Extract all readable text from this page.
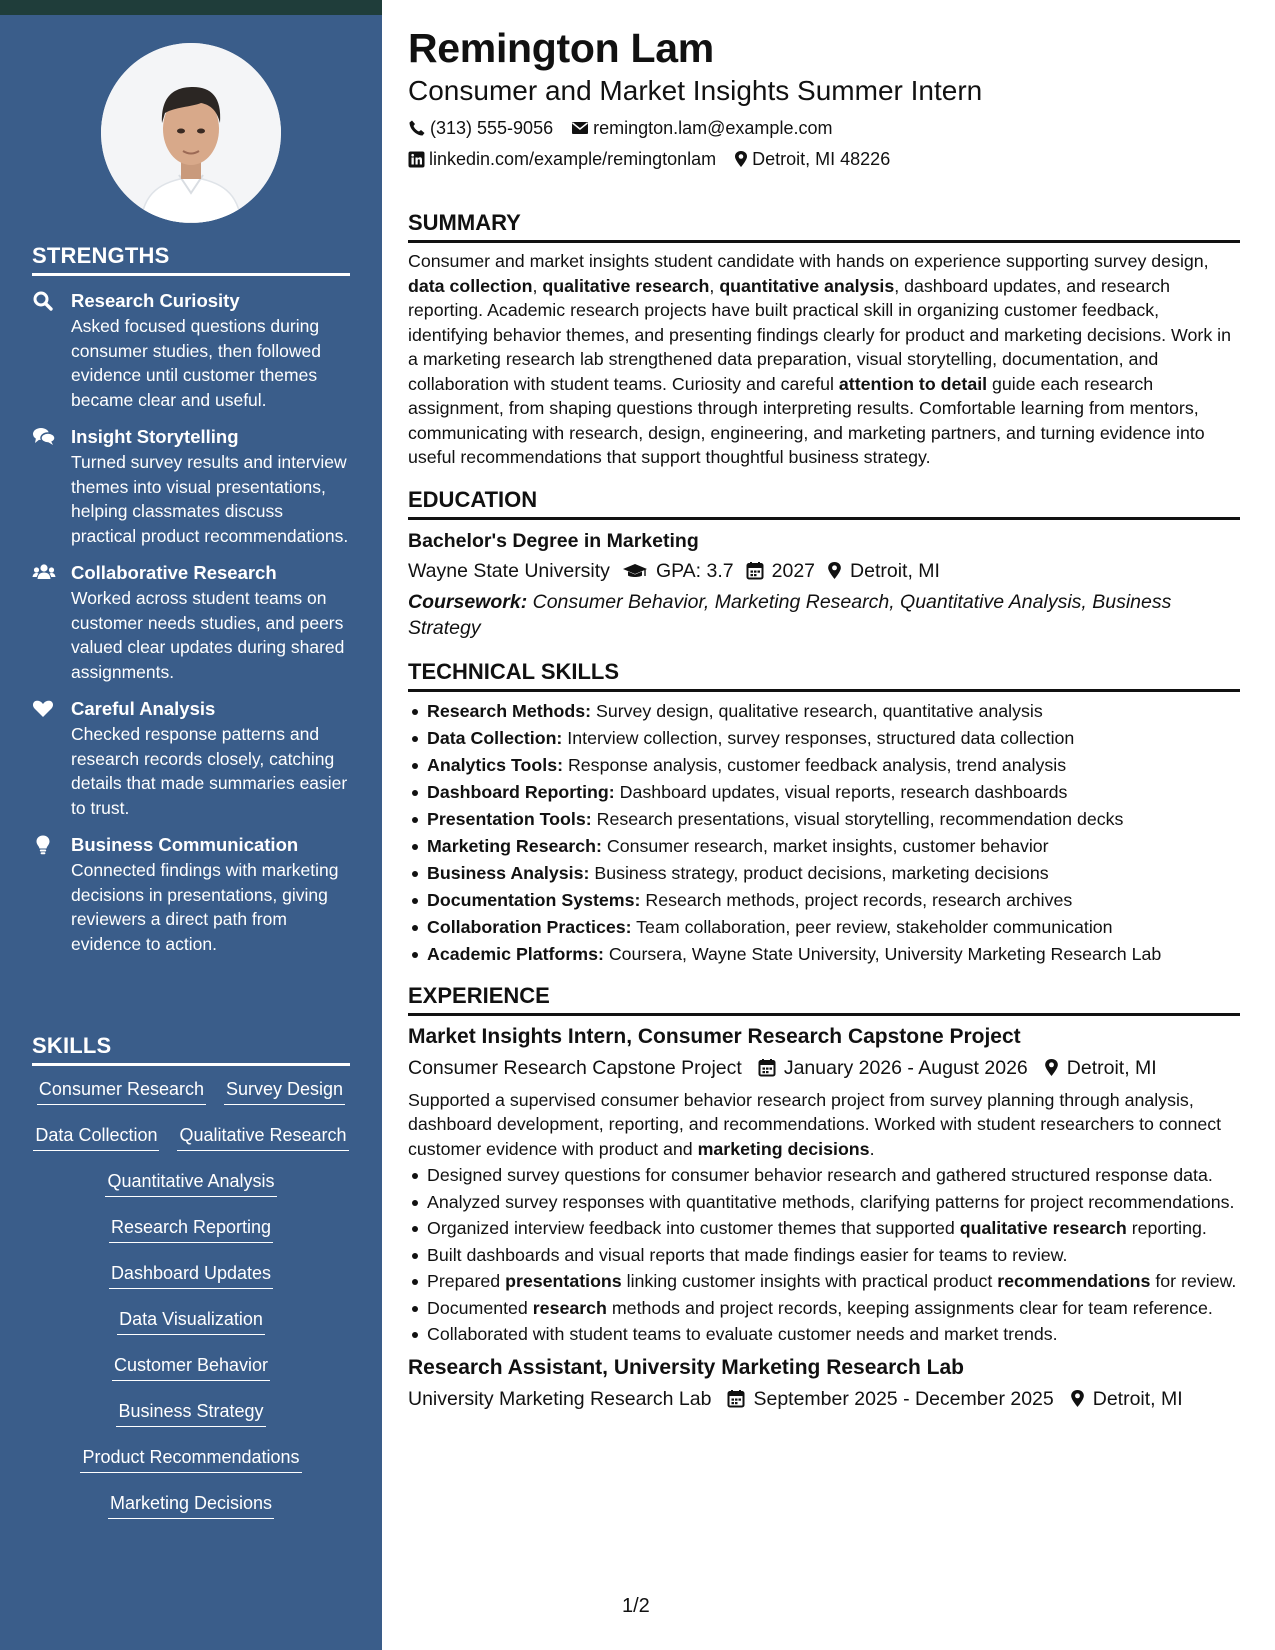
STRENGTHS
Research Curiosity
Asked focused questions during consumer studies, then followed evidence until customer themes became clear and useful.
Insight Storytelling
Turned survey results and interview themes into visual presentations, helping classmates discuss practical product recommendations.
Collaborative Research
Worked across student teams on customer needs studies, and peers valued clear updates during shared assignments.
Careful Analysis
Checked response patterns and research records closely, catching details that made summaries easier to trust.
Business Communication
Connected findings with marketing decisions in presentations, giving reviewers a direct path from evidence to action.
SKILLS
Consumer Research Survey Design
Data Collection Qualitative Research
Quantitative Analysis
Research Reporting
Dashboard Updates
Data Visualization
Customer Behavior
Business Strategy
Product Recommendations
Marketing Decisions
Remington Lam
Consumer and Market Insights Summer Intern
(313) 555-9056 remington.lam@example.com
linkedin.com/example/remingtonlam Detroit, MI 48226
SUMMARY

Consumer and market insights student candidate with hands on experience supporting survey design, data collection, qualitative research, quantitative analysis, dashboard updates, and research reporting. Academic research projects have built practical skill in organizing customer feedback, identifying behavior themes, and presenting findings clearly for product and marketing decisions. Work in a marketing research lab strengthened data preparation, visual storytelling, documentation, and collaboration with student teams. Curiosity and careful attention to detail guide each research assignment, from shaping questions through interpreting results. Comfortable learning from mentors, communicating with research, design, engineering, and marketing partners, and turning evidence into useful recommendations that support thoughtful business strategy.

EDUCATION
Bachelor's Degree in Marketing
Wayne State University GPA: 3.7 2027 Detroit, MI
Coursework: Consumer Behavior, Marketing Research, Quantitative Analysis, Business Strategy
TECHNICAL SKILLS
Research Methods: Survey design, qualitative research, quantitative analysis
Data Collection: Interview collection, survey responses, structured data collection
Analytics Tools: Response analysis, customer feedback analysis, trend analysis
Dashboard Reporting: Dashboard updates, visual reports, research dashboards
Presentation Tools: Research presentations, visual storytelling, recommendation decks
Marketing Research: Consumer research, market insights, customer behavior
Business Analysis: Business strategy, product decisions, marketing decisions
Documentation Systems: Research methods, project records, research archives
Collaboration Practices: Team collaboration, peer review, stakeholder communication
Academic Platforms: Coursera, Wayne State University, University Marketing Research Lab
EXPERIENCE
Market Insights Intern, Consumer Research Capstone Project
Consumer Research Capstone Project January 2026 - August 2026 Detroit, MI

Supported a supervised consumer behavior research project from survey planning through analysis, dashboard development, reporting, and recommendations. Worked with student researchers to connect customer evidence with product and marketing decisions.

Designed survey questions for consumer behavior research and gathered structured response data.
Analyzed survey responses with quantitative methods, clarifying patterns for project recommendations.
Organized interview feedback into customer themes that supported qualitative research reporting.
Built dashboards and visual reports that made findings easier for teams to review.
Prepared presentations linking customer insights with practical product recommendations for review.
Documented research methods and project records, keeping assignments clear for team reference.
Collaborated with student teams to evaluate customer needs and market trends.
Research Assistant, University Marketing Research Lab
University Marketing Research Lab September 2025 - December 2025 Detroit, MI
1/2
